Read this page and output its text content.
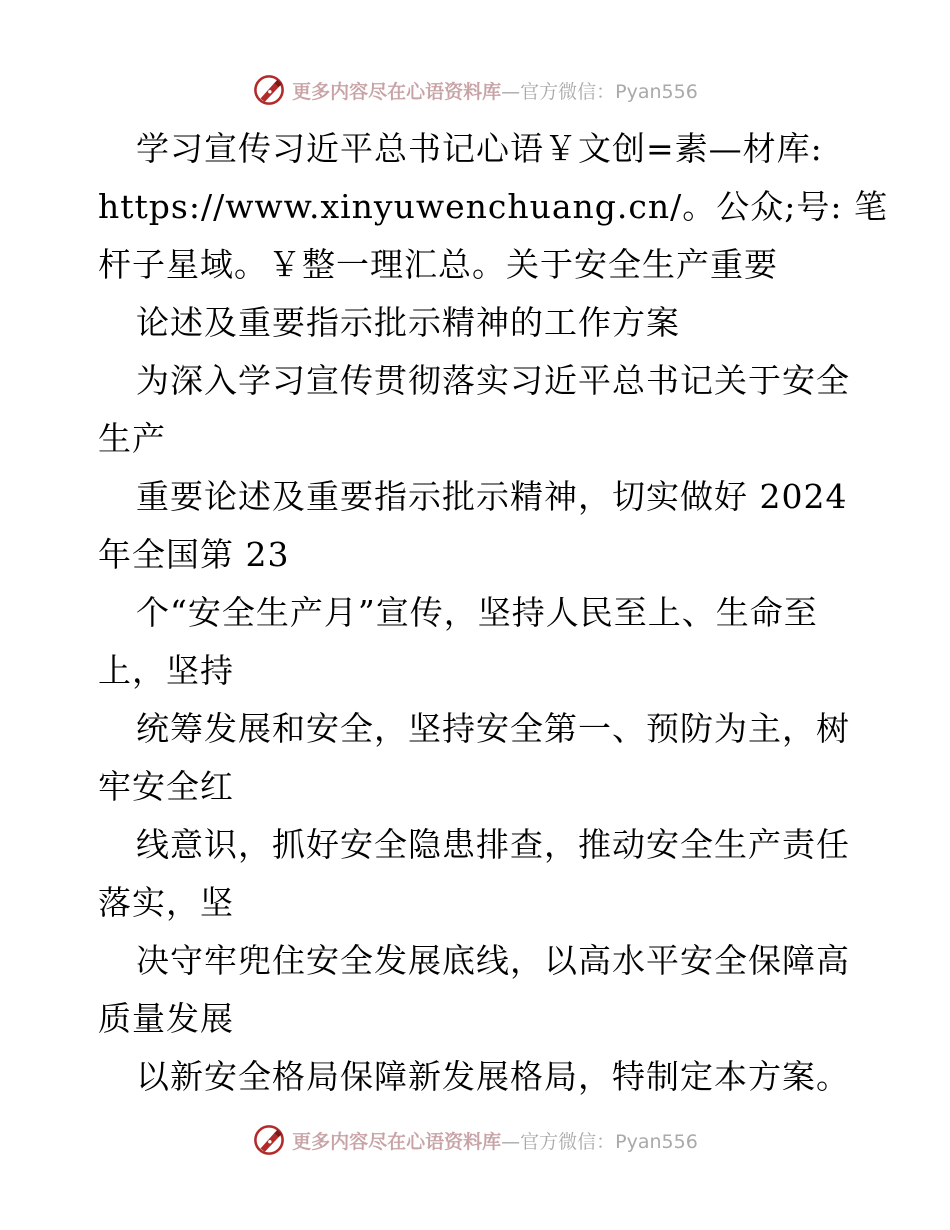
更多内容尽在心语资料库—官方微信：Pyan556
学习宣传习近平总书记心语￥文创=素—材库:
https://www.xinyuwenchuang.cn/。公众;号: 笔
杆子星域。￥整一理汇总。关于安全生产重要
论述及重要指示批示精神的工作方案
为深入学习宣传贯彻落实习近平总书记关于安全
生产
重要论述及重要指示批示精神，切实做好 2024
年全国第 23
个“安全生产月”宣传，坚持人民至上、生命至
上，坚持
统筹发展和安全，坚持安全第一、预防为主，树
牢安全红
线意识，抓好安全隐患排查，推动安全生产责任
落实，坚
决守牢兜住安全发展底线，以高水平安全保障高
质量发展
以新安全格局保障新发展格局，特制定本方案。
更多内容尽在心语资料库—官方微信：Pyan556
